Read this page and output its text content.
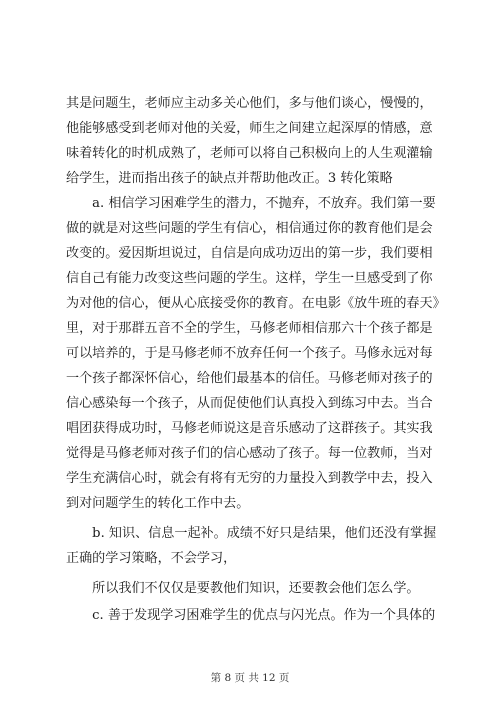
其是问题生，老师应主动多关心他们，多与他们谈心，慢慢的，
他能够感受到老师对他的关爱，师生之间建立起深厚的情感，意
味着转化的时机成熟了，老师可以将自己积极向上的人生观灌输
给学生，进而指出孩子的缺点并帮助他改正。3 转化策略
　　a. 相信学习困难学生的潜力，不抛弃，不放弃。我们第一要
做的就是对这些问题的学生有信心，相信通过你的教育他们是会
改变的。爱因斯坦说过，自信是向成功迈出的第一步，我们要相
信自己有能力改变这些问题的学生。这样，学生一旦感受到了你
为对他的信心，便从心底接受你的教育。在电影《放牛班的春天》
里，对于那群五音不全的学生，马修老师相信那六十个孩子都是
可以培养的，于是马修老师不放弃任何一个孩子。马修永远对每
一个孩子都深怀信心，给他们最基本的信任。马修老师对孩子的
信心感染每一个孩子，从而促使他们认真投入到练习中去。当合
唱团获得成功时，马修老师说这是音乐感动了这群孩子。其实我
觉得是马修老师对孩子们的信心感动了孩子。每一位教师，当对
学生充满信心时，就会有将有无穷的力量投入到教学中去，投入
到对问题学生的转化工作中去。
　　b. 知识、信息一起补。成绩不好只是结果，他们还没有掌握
正确的学习策略，不会学习，
　　所以我们不仅仅是要教他们知识，还要教会他们怎么学。
　　c. 善于发现学习困难学生的优点与闪光点。作为一个具体的
第 8 页 共 12 页
